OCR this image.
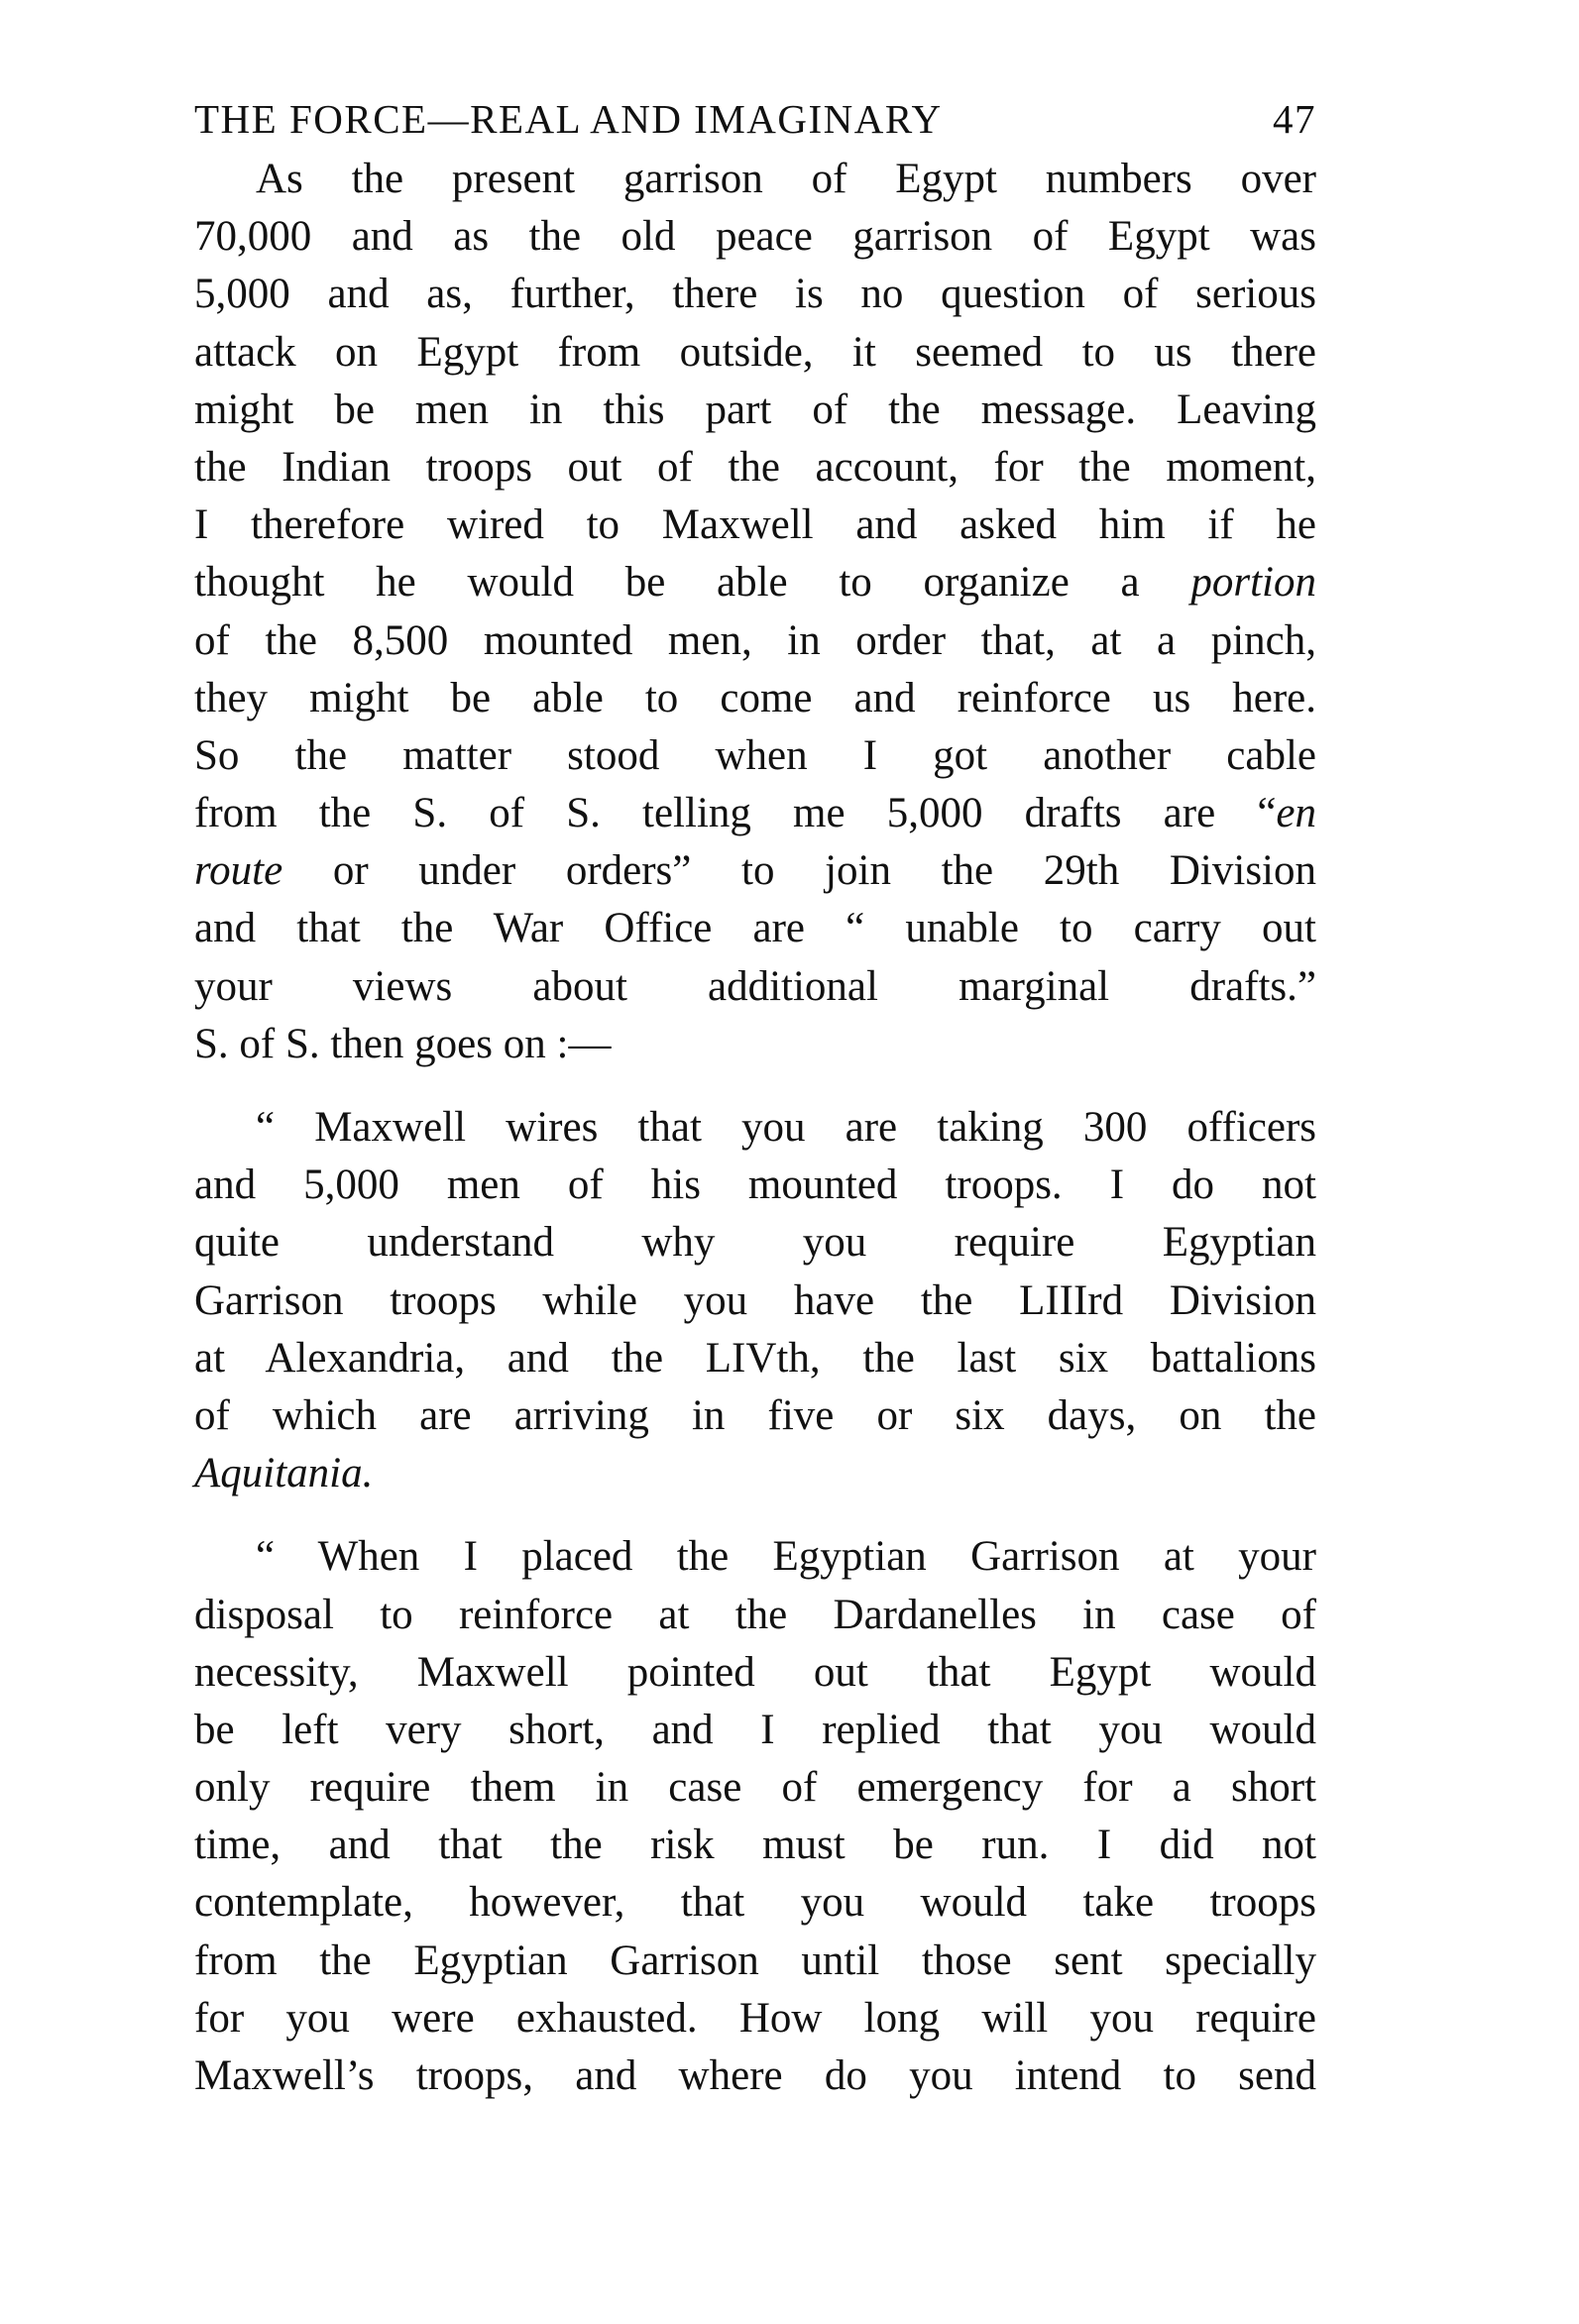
THE FORCE—REAL AND IMAGINARY	47
As the present garrison of Egypt numbers over
70,000 and as the old peace garrison of Egypt was
5,000 and as, further, there is no question of serious
attack on Egypt from outside, it seemed to us there
might be men in this part of the message. Leaving
the Indian troops out of the account, for the moment,
I therefore wired to Maxwell and asked him if he
thought he would be able to organize a portion
of the 8,500 mounted men, in order that, at a pinch,
they might be able to come and reinforce us here.
So the matter stood when I got another cable
from the S. of S. telling me 5,000 drafts are “en
route or under orders” to join the 29th Division
and that the War Office are “ unable to carry out
your views about additional marginal drafts.”
S. of S. then goes on :—
“ Maxwell wires that you are taking 300 officers
and 5,000 men of his mounted troops. I do not
quite understand why you require Egyptian
Garrison troops while you have the LIIIrd Division
at Alexandria, and the LIVth, the last six battalions
of which are arriving in five or six days, on the
Aquitania.
“ When I placed the Egyptian Garrison at your
disposal to reinforce at the Dardanelles in case of
necessity, Maxwell pointed out that Egypt would
be left very short, and I replied that you would
only require them in case of emergency for a short
time, and that the risk must be run. I did not
contemplate, however, that you would take troops
from the Egyptian Garrison until those sent specially
for you were exhausted. How long will you require
Maxwell’s troops, and where do you intend to send
